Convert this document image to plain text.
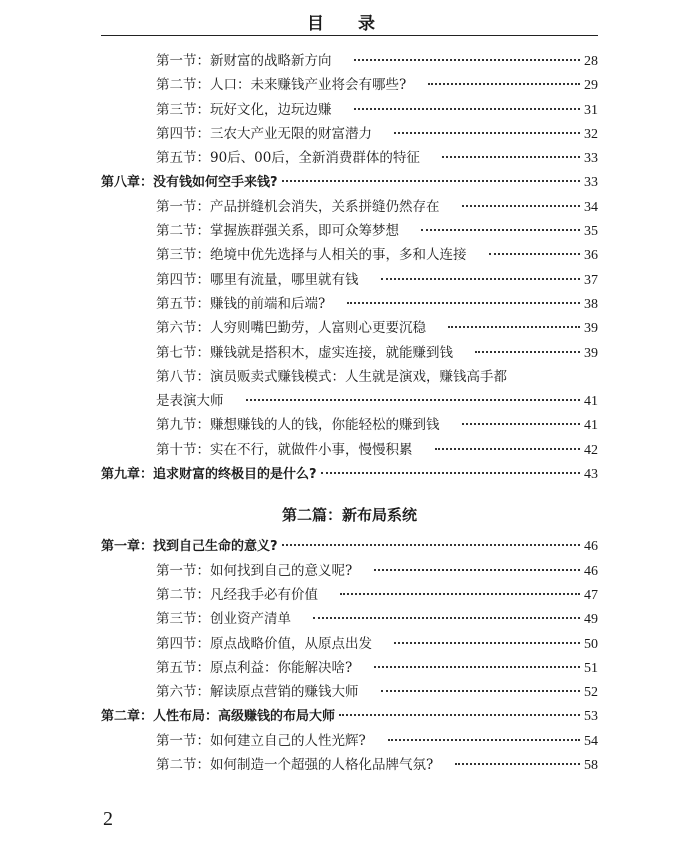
目 录
第一节：新财富的战略新方向	28
第二节：人口：未来赚钱产业将会有哪些?	29
第三节：玩好文化，边玩边赚	31
第四节：三农大产业无限的财富潜力	32
第五节：90后、00后，全新消费群体的特征	33
第八章：没有钱如何空手来钱?	33
第一节：产品拼缝机会消失，关系拼缝仍然存在	34
第二节：掌握族群强关系，即可众筹梦想	35
第三节：绝境中优先选择与人相关的事，多和人连接	36
第四节：哪里有流量，哪里就有钱	37
第五节：赚钱的前端和后端?	38
第六节：人穷则嘴巴勤劳，人富则心更要沉稳	39
第七节：赚钱就是搭积木，虚实连接，就能赚到钱	39
第八节：演员贩卖式赚钱模式：人生就是演戏，赚钱高手都
是表演大师	41
第九节：赚想赚钱的人的钱，你能轻松的赚到钱	41
第十节：实在不行，就做件小事，慢慢积累	42
第九章：追求财富的终极目的是什么?	43
第二篇：新布局系统
第一章：找到自己生命的意义?	46
第一节：如何找到自己的意义呢?	46
第二节：凡经我手必有价值	47
第三节：创业资产清单	49
第四节：原点战略价值，从原点出发	50
第五节：原点利益：你能解决啥?	51
第六节：解读原点营销的赚钱大师	52
第二章：人性布局：高级赚钱的布局大师	53
第一节：如何建立自己的人性光辉?	54
第二节：如何制造一个超强的人格化品牌气氛?	58
2
